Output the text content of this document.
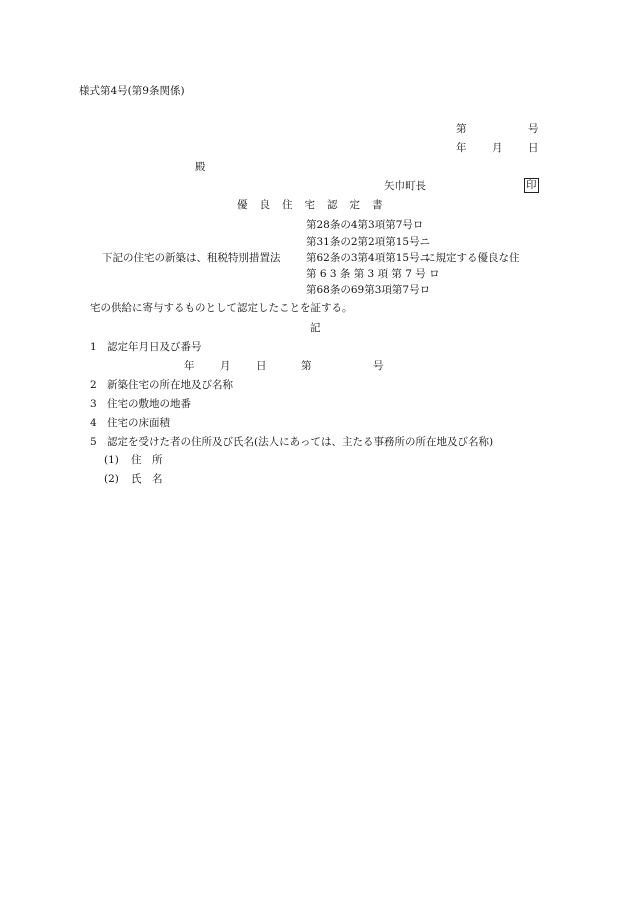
様式第4号(第9条関係)
第	号
年 月 日
殿
矢巾町長	印
優良住宅認定書
第28条の4第3項第7号ロ
第31条の2第2項第15号ニ
下記の住宅の新築は、租税特別措置法 第62条の3第4項第15号ニ
に規定する優良な住
第 6 3 条 第 3 項 第 7 号 ロ
第68条の69第3項第7号ロ
宅の供給に寄与するものとして認定したことを証する。
記
1 認定年月日及び番号
年 月 日	第	号
2 新築住宅の所在地及び名称
3 住宅の敷地の地番
4 住宅の床面積
5 認定を受けた者の住所及び氏名(法人にあっては、主たる事務所の所在地及び名称)
(1) 住　所
(2) 氏　名
